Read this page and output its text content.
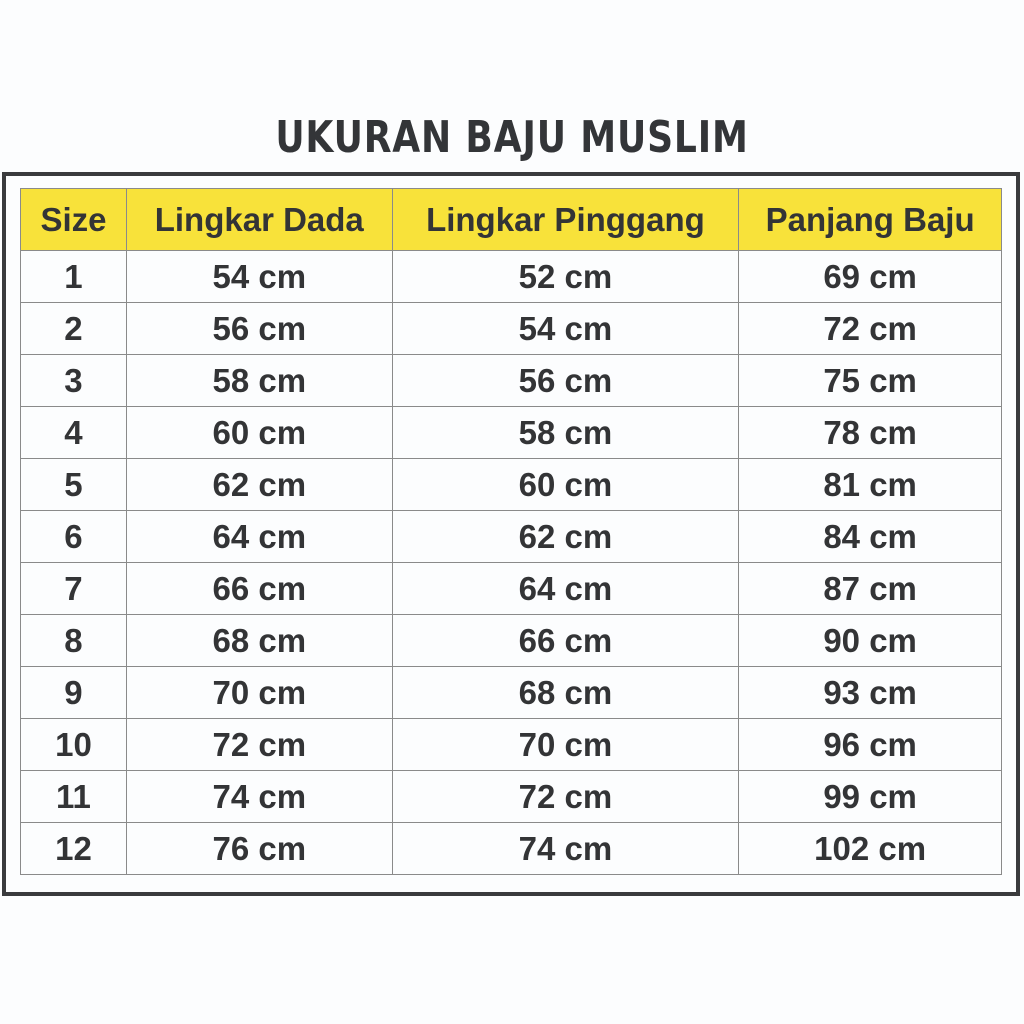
UKURAN BAJU MUSLIM
Size	Lingkar Dada	Lingkar Pinggang	Panjang Baju
1	54 cm	52 cm	69 cm
2	56 cm	54 cm	72 cm
3	58 cm	56 cm	75 cm
4	60 cm	58 cm	78 cm
5	62 cm	60 cm	81 cm
6	64 cm	62 cm	84 cm
7	66 cm	64 cm	87 cm
8	68 cm	66 cm	90 cm
9	70 cm	68 cm	93 cm
10	72 cm	70 cm	96 cm
11	74 cm	72 cm	99 cm
12	76 cm	74 cm	102 cm
